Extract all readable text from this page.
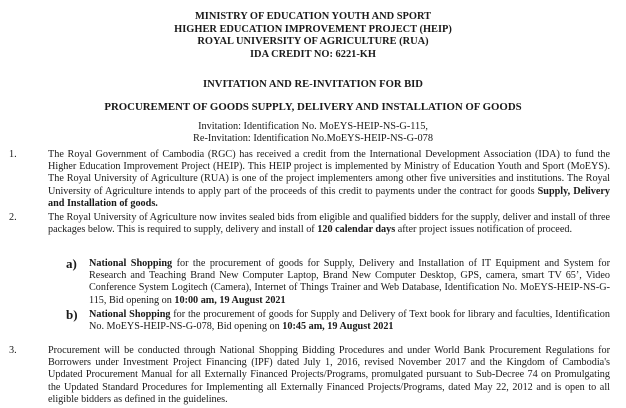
MINISTRY OF EDUCATION YOUTH AND SPORT
HIGHER EDUCATION IMPROVEMENT PROJECT (HEIP)
ROYAL UNIVERSITY OF AGRICULTURE (RUA)
IDA CREDIT NO: 6221-KH
INVITATION AND RE-INVITATION FOR BID
PROCUREMENT OF GOODS SUPPLY, DELIVERY AND INSTALLATION OF GOODS
Invitation: Identification No. MoEYS-HEIP-NS-G-115,
Re-Invitation: Identification No.MoEYS-HEIP-NS-G-078
1.	The Royal Government of Cambodia (RGC) has received a credit from the International Development Association (IDA) to fund the Higher Education Improvement Project (HEIP). This HEIP project is implemented by Ministry of Education Youth and Sport (MoEYS). The Royal University of Agriculture (RUA) is one of the project implementers among other five universities and institutions. The Royal University of Agriculture intends to apply part of the proceeds of this credit to payments under the contract for goods Supply, Delivery and Installation of goods.
2.	The Royal University of Agriculture now invites sealed bids from eligible and qualified bidders for the supply, deliver and install of three packages below. This is required to supply, delivery and install of 120 calendar days after project issues notification of proceed.
a) National Shopping for the procurement of goods for Supply, Delivery and Installation of IT Equipment and System for Research and Teaching Brand New Computer Laptop, Brand New Computer Desktop, GPS, camera, smart TV 65’, Video Conference System Logitech (Camera), Internet of Things Trainer and Web Database, Identification No. MoEYS-HEIP-NS-G-115, Bid opening on 10:00 am, 19 August 2021
b) National Shopping for the procurement of goods for Supply and Delivery of Text book for library and faculties, Identification No. MoEYS-HEIP-NS-G-078, Bid opening on 10:45 am, 19 August 2021
3.	Procurement will be conducted through National Shopping Bidding Procedures and under World Bank Procurement Regulations for Borrowers under Investment Project Financing (IPF) dated July 1, 2016, revised November 2017 and the Kingdom of Cambodia's Updated Procurement Manual for all Externally Financed Projects/Programs, promulgated pursuant to Sub-Decree 74 on Promulgating the Updated Standard Procedures for Implementing all Externally Financed Projects/Programs, dated May 22, 2012 and is open to all eligible bidders as defined in the guidelines.
